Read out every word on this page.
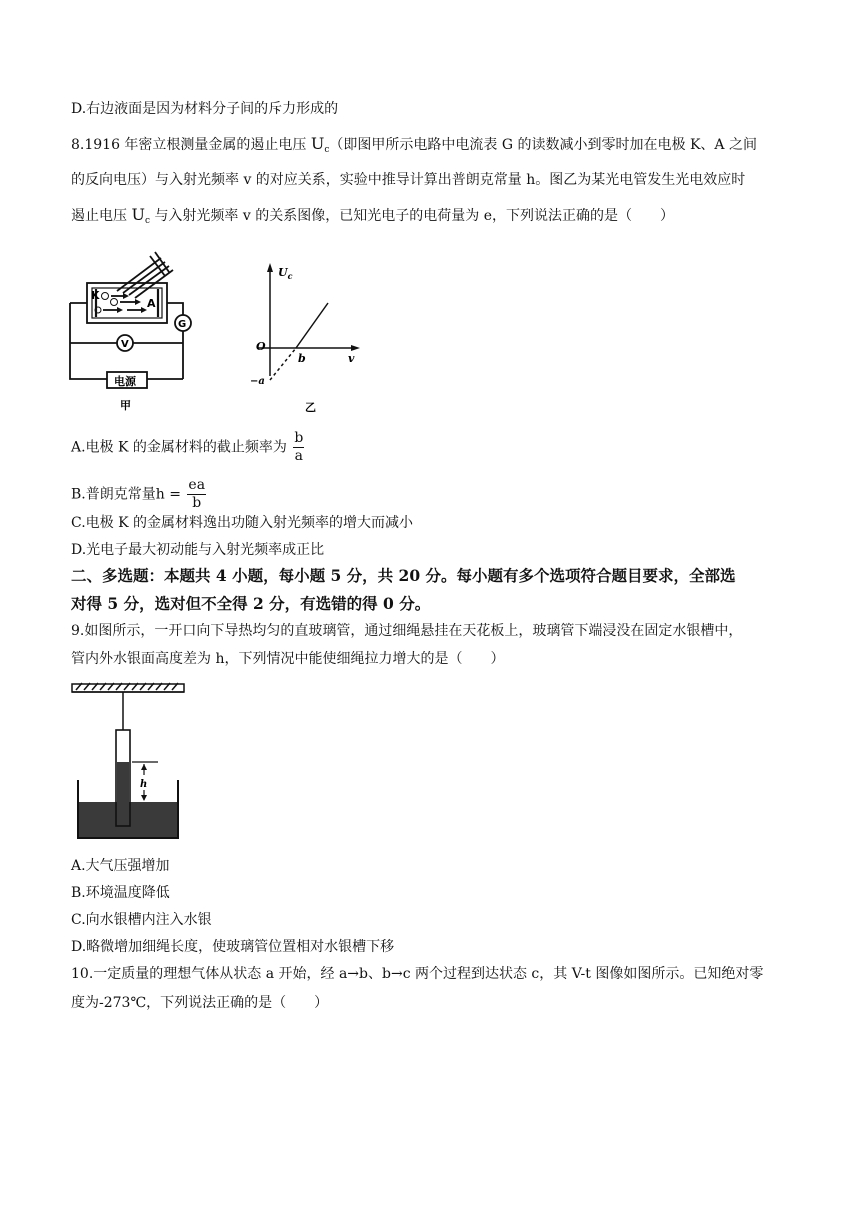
D.右边液面是因为材料分子间的斥力形成的
8.1916 年密立根测量金属的遏止电压 $U_c$（即图甲所示电路中电流表 G 的读数减小到零时加在电极 K、A 之间
的反向电压）与入射光频率 v 的对应关系，实验中推导计算出普朗克常量 h。图乙为某光电管发生光电效应时
遏止电压 $U_c$ 与入射光频率 v 的关系图像，已知光电子的电荷量为 e，下列说法正确的是（　　）
K
A
G
V
电源
甲
$U_c$
O
b	v
−a
乙
A.电极 K 的金属材料的截止频率为 $\frac{b}{a}$
B.普朗克常量$h = \frac{ea}{b}$
C.电极 K 的金属材料逸出功随入射光频率的增大而减小
D.光电子最大初动能与入射光频率成正比
二、多选题：本题共 4 小题，每小题 5 分，共 20 分。每小题有多个选项符合题目要求，全部选
对得 5 分，选对但不全得 2 分，有选错的得 0 分。
9.如图所示，一开口向下导热均匀的直玻璃管，通过细绳悬挂在天花板上，玻璃管下端浸没在固定水银槽中，
管内外水银面高度差为 h，下列情况中能使细绳拉力增大的是（　　）
h
A.大气压强增加
B.环境温度降低
C.向水银槽内注入水银
D.略微增加细绳长度，使玻璃管位置相对水银槽下移
10.一定质量的理想气体从状态 a 开始，经 a→b、b→c 两个过程到达状态 c，其 V-t 图像如图所示。已知绝对零
度为-273℃，下列说法正确的是（　　）
